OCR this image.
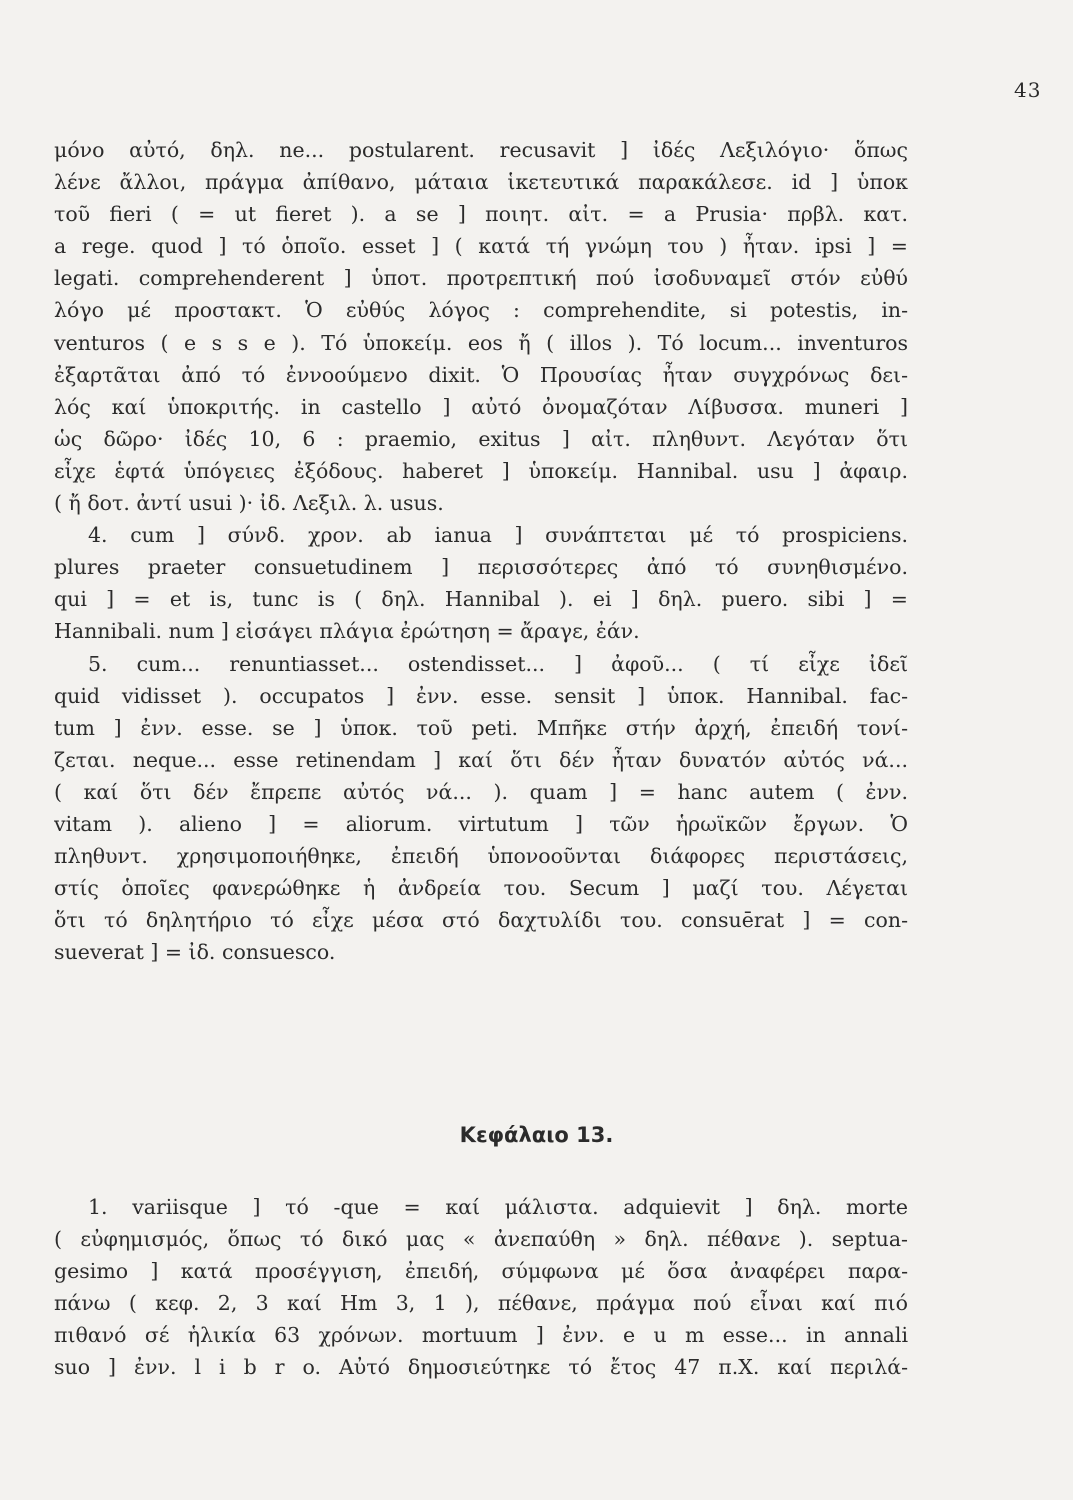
43
μόνο αὐτό, δηλ. ne... postularent. recusavit ] ἰδές Λεξιλόγιο· ὅπως
λένε ἄλλοι, πράγμα ἀπίθανο, μάταια ἱκετευτικά παρακάλεσε. id ] ὑποκ
τοῦ fieri ( = ut fieret ). a se ] ποιητ. αἰτ. = a Prusia· πρβλ. κατ.
a rege. quod ] τό ὁποῖο. esset ] ( κατά τή γνώμη του ) ἦταν. ipsi ] =
legati. comprehenderent ] ὑποτ. προτρεπτική πού ἰσοδυναμεῖ στόν εὐθύ
λόγο μέ προστακτ. Ὁ εὐθύς λόγος : comprehendite, si potestis, in-
venturos ( e s s e ). Τό ὑποκείμ. eos ἤ ( illos ). Τό locum... inventuros
ἐξαρτᾶται ἀπό τό ἐννοούμενο dixit. Ὁ Προυσίας ἦταν συγχρόνως δει-
λός καί ὑποκριτής. in castello ] αὐτό ὀνομαζόταν Λίβυσσα. muneri ]
ὡς δῶρο· ἰδές 10, 6 : praemio, exitus ] αἰτ. πληθυντ. Λεγόταν ὅτι
εἶχε ἑφτά ὑπόγειες ἐξόδους. haberet ] ὑποκείμ. Hannibal. usu ] ἀφαιρ.
( ἤ δοτ. ἀντί usui )· ἰδ. Λεξιλ. λ. usus.
4. cum ] σύνδ. χρον. ab ianua ] συνάπτεται μέ τό prospiciens.
plures praeter consuetudinem ] περισσότερες ἀπό τό συνηθισμένο.
qui ] = et is, tunc is ( δηλ. Hannibal ). ei ] δηλ. puero. sibi ] =
Hannibali. num ] εἰσάγει πλάγια ἐρώτηση = ἄραγε, ἐάν.
5. cum... renuntiasset... ostendisset... ] ἀφοῦ... ( τί εἶχε ἰδεῖ
quid vidisset ). occupatos ] ἐνν. esse. sensit ] ὑποκ. Hannibal. fac-
tum ] ἐνν. esse. se ] ὑποκ. τοῦ peti. Μπῆκε στήν ἀρχή, ἐπειδή τονί-
ζεται. neque... esse retinendam ] καί ὅτι δέν ἦταν δυνατόν αὐτός νά...
( καί ὅτι δέν ἔπρεπε αὐτός νά... ). quam ] = hanc autem ( ἐνν.
vitam ). alieno ] = aliorum. virtutum ] τῶν ἡρωϊκῶν ἔργων. Ὁ
πληθυντ. χρησιμοποιήθηκε, ἐπειδή ὑπονοοῦνται διάφορες περιστάσεις,
στίς ὁποῖες φανερώθηκε ἡ ἀνδρεία του. Secum ] μαζί του. Λέγεται
ὅτι τό δηλητήριο τό εἶχε μέσα στό δαχτυλίδι του. consuērat ] = con-
sueverat ] = ἰδ. consuesco.
Κεφάλαιο 13.
1. variisque ] τό -que = καί μάλιστα. adquievit ] δηλ. morte
( εὐφημισμός, ὅπως τό δικό μας « ἀνεπαύθη » δηλ. πέθανε ). septua-
gesimo ] κατά προσέγγιση, ἐπειδή, σύμφωνα μέ ὅσα ἀναφέρει παρα-
πάνω ( κεφ. 2, 3 καί Hm 3, 1 ), πέθανε, πράγμα πού εἶναι καί πιό
πιθανό σέ ἡλικία 63 χρόνων. mortuum ] ἐνν. e u m esse... in annali
suo ] ἐνν. l i b r o. Αὐτό δημοσιεύτηκε τό ἔτος 47 π.Χ. καί περιλά-
